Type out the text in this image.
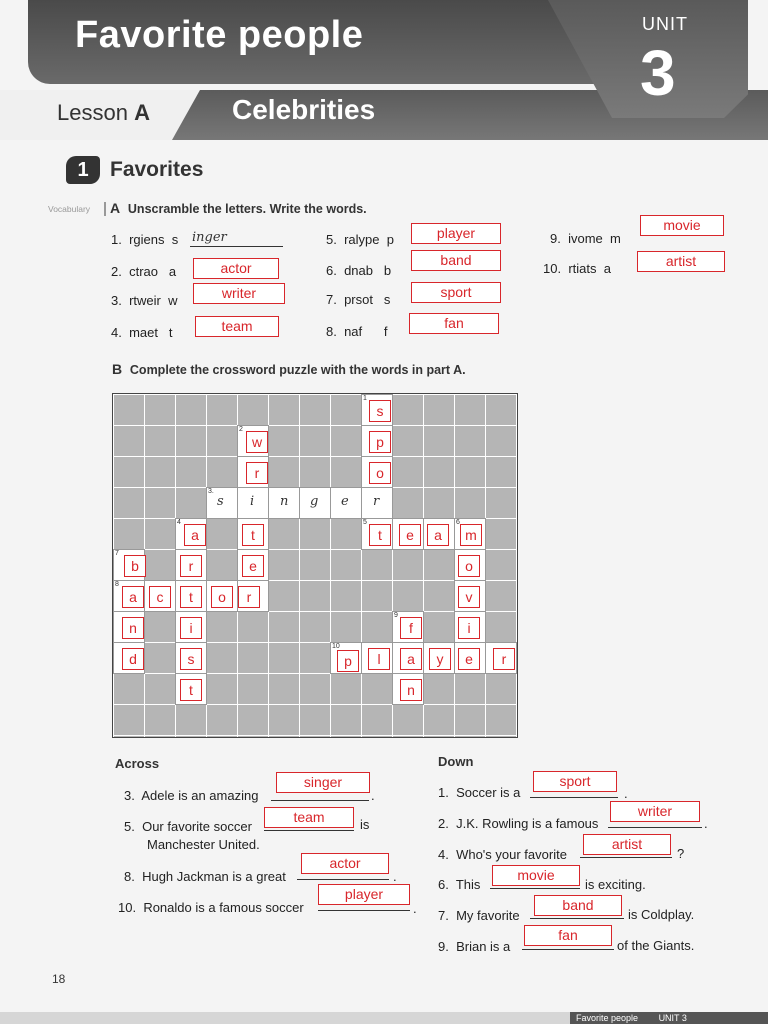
Favorite people
Lesson A	Celebrities
UNIT
3
1	Favorites
Vocabulary A Unscramble the letters. Write the words.
1. rgiens s inger
2. ctrao a	actor
3. rtweir w	writer
4. maet t	team
5. ralype p	player
6. dnab b
band
7. prsot s	sport
8. naf f
fan
9. ivome m
movie
10. rtiats a	artist
B Complete the crossword puzzle with the words in part A.
1
2
3.
4	5	6
7
8
9
10
s
p
o
w
r
t
e
s i n g e r
a
r
t
i
s
t
t	e	a	m
o
v
i
e
b
a
n
d
c	o	r
f
n
p	l	a	y	r
Across
3. Adele is an amazing
singer
.
5. Our favorite soccer
team	is
Manchester United.
8. Hugh Jackman is a great
actor
.
10. Ronaldo is a famous soccer
player
.
Down
1. Soccer is a
sport
.
2. J.K. Rowling is a famous
writer
.
4. Who's your favorite
artist
?
6. This
movie
is exciting.
7. My favorite
band
is Coldplay.
9. Brian is a
fan
of the Giants.
18
Favorite people UNIT 3
